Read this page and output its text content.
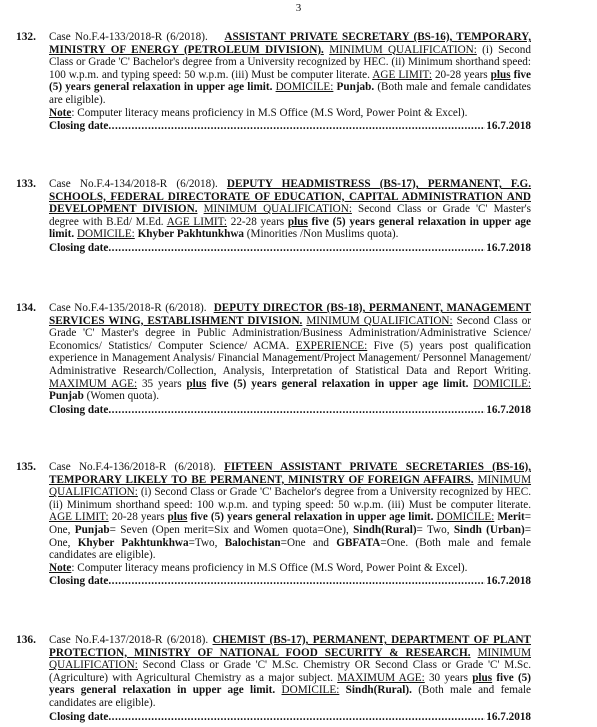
3
132. Case No.F.4-133/2018-R (6/2018). ASSISTANT PRIVATE SECRETARY (BS-16), TEMPORARY, MINISTRY OF ENERGY (PETROLEUM DIVISION). MINIMUM QUALIFICATION: (i) Second Class or Grade 'C' Bachelor's degree from a University recognized by HEC. (ii) Minimum shorthand speed: 100 w.p.m. and typing speed: 50 w.p.m. (iii) Must be computer literate. AGE LIMIT: 20-28 years plus five (5) years general relaxation in upper age limit. DOMICILE: Punjab. (Both male and female candidates are eligible).
Note: Computer literacy means proficiency in M.S Office (M.S Word, Power Point & Excel).
Closing date .....	16.7.2018
133. Case No.F.4-134/2018-R (6/2018). DEPUTY HEADMISTRESS (BS-17), PERMANENT, F.G. SCHOOLS, FEDERAL DIRECTORATE OF EDUCATION, CAPITAL ADMINISTRATION AND DEVELOPMENT DIVISION. MINIMUM QUALIFICATION: Second Class or Grade 'C' Master's degree with B.Ed/ M.Ed. AGE LIMIT: 22-28 years plus five (5) years general relaxation in upper age limit. DOMICILE: Khyber Pakhtunkhwa (Minorities /Non Muslims quota).
Closing date .....	16.7.2018
134. Case No.F.4-135/2018-R (6/2018). DEPUTY DIRECTOR (BS-18), PERMANENT, MANAGEMENT SERVICES WING, ESTABLISHMENT DIVISION. MINIMUM QUALIFICATION: Second Class or Grade 'C' Master's degree in Public Administration/Business Administration/Administrative Science/ Economics/ Statistics/ Computer Science/ ACMA. EXPERIENCE: Five (5) years post qualification experience in Management Analysis/ Financial Management/Project Management/ Personnel Management/ Administrative Research/Collection, Analysis, Interpretation of Statistical Data and Report Writing. MAXIMUM AGE: 35 years plus five (5) years general relaxation in upper age limit. DOMICILE: Punjab (Women quota).
Closing date .....	16.7.2018
135. Case No.F.4-136/2018-R (6/2018). FIFTEEN ASSISTANT PRIVATE SECRETARIES (BS-16), TEMPORARY LIKELY TO BE PERMANENT, MINISTRY OF FOREIGN AFFAIRS. MINIMUM QUALIFICATION: (i) Second Class or Grade 'C' Bachelor's degree from a University recognized by HEC. (ii) Minimum shorthand speed: 100 w.p.m. and typing speed: 50 w.p.m. (iii) Must be computer literate. AGE LIMIT: 20-28 years plus five (5) years general relaxation in upper age limit. DOMICILE: Merit= One, Punjab= Seven (Open merit=Six and Women quota=One), Sindh(Rural)= Two, Sindh (Urban)= One, Khyber Pakhtunkhwa=Two, Balochistan=One and GBFATA=One. (Both male and female candidates are eligible).
Note: Computer literacy means proficiency in M.S Office (M.S Word, Power Point & Excel).
Closing date .....	16.7.2018
136. Case No.F.4-137/2018-R (6/2018). CHEMIST (BS-17), PERMANENT, DEPARTMENT OF PLANT PROTECTION, MINISTRY OF NATIONAL FOOD SECURITY & RESEARCH. MINIMUM QUALIFICATION: Second Class or Grade 'C' M.Sc. Chemistry OR Second Class or Grade 'C' M.Sc. (Agriculture) with Agricultural Chemistry as a major subject. MAXIMUM AGE: 30 years plus five (5) years general relaxation in upper age limit. DOMICILE: Sindh(Rural). (Both male and female candidates are eligible).
Closing date .....	16.7.2018
